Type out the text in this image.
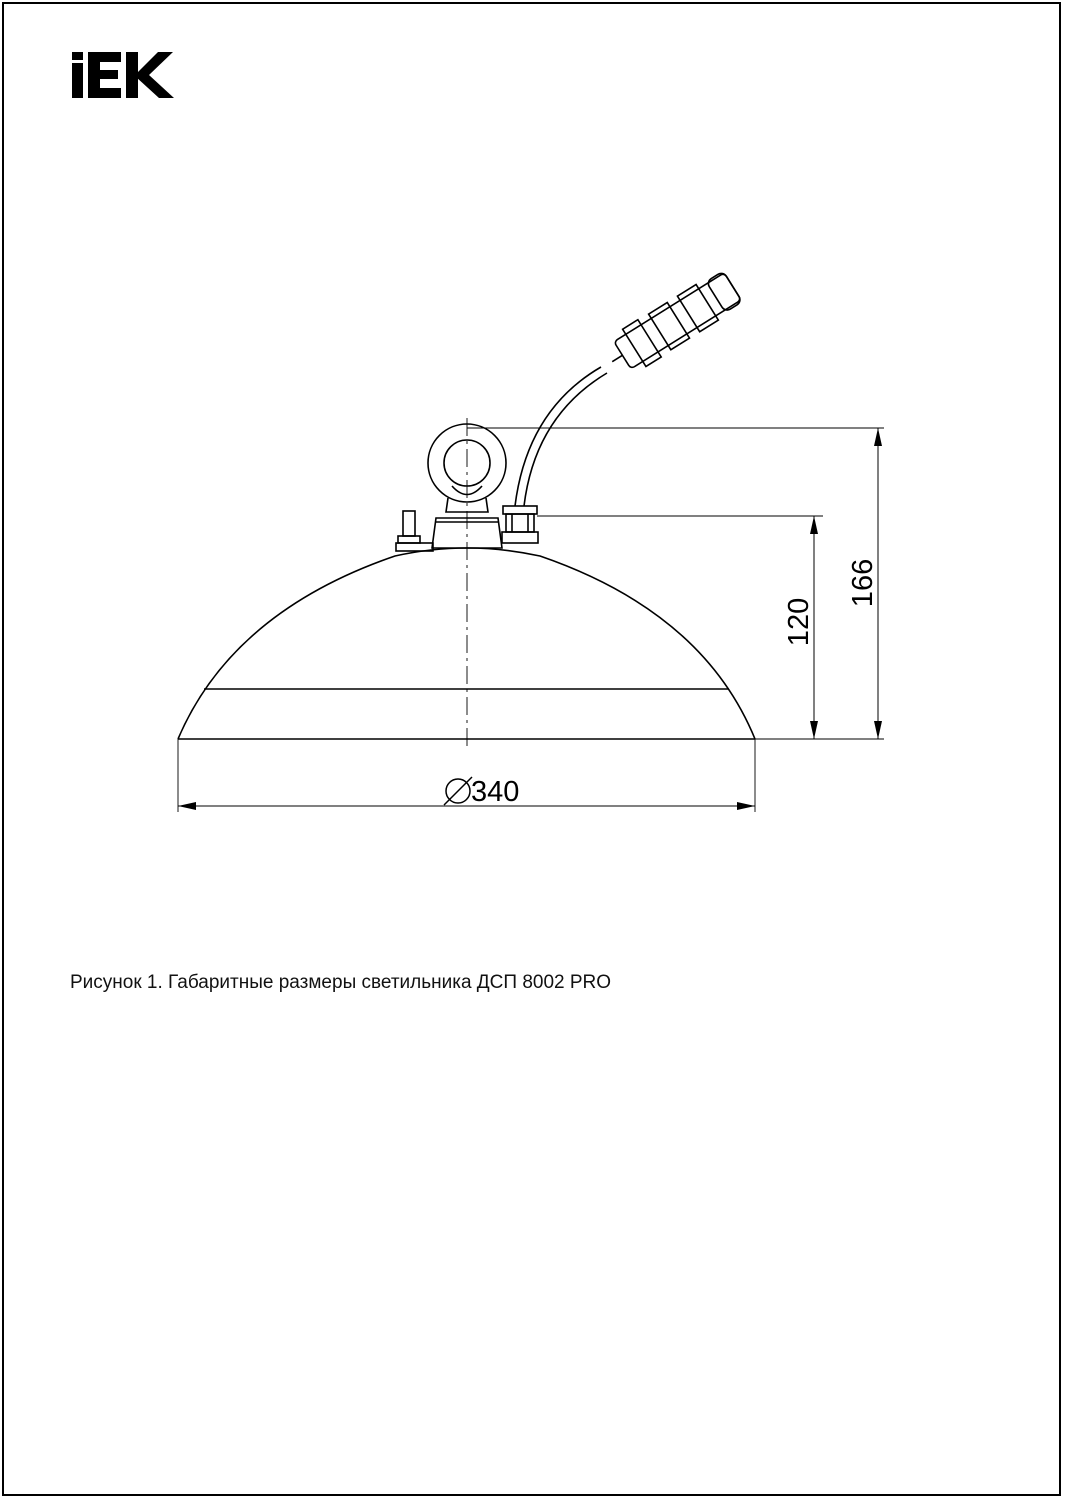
340
120
166
Рисунок 1. Габаритные размеры светильника ДСП 8002 PRO
